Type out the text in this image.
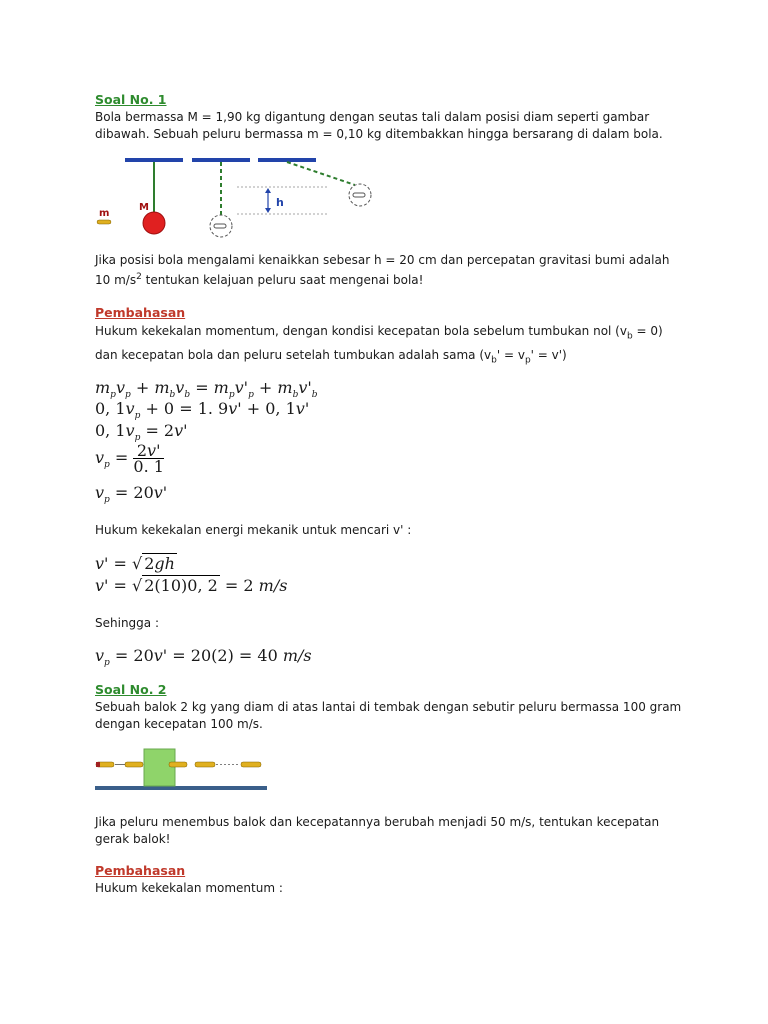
Soal No. 1
Bola bermassa M = 1,90 kg digantung dengan seutas tali dalam posisi diam seperti gambar dibawah. Sebuah peluru bermassa m = 0,10 kg ditembakkan hingga bersarang di dalam bola.
M
m
h
Jika posisi bola mengalami kenaikkan sebesar h = 20 cm dan percepatan gravitasi bumi adalah 10 $m/s^2$ tentukan kelajuan peluru saat mengenai bola!
Pembahasan
Hukum kekekalan momentum, dengan kondisi kecepatan bola sebelum tumbukan nol $(v_b = 0)$ dan kecepatan bola dan peluru setelah tumbukan adalah sama $(v_b' = v_p' = v')$
$m_pv_p + m_bv_b = m_pv'_p + m_bv'_b$
0, $1v_p + 0 = 1$. 9v' + 0, 1v'
0, $1v_p = 2v'$
$v_p = \frac{2v'}{0. 1}$
$v_p = 20v'$
Hukum kekekalan energi mekanik untuk mencari v' :
v' = √ 2gh
v' = √ 2(10)0, 2 = 2 m/s
Sehingga :
$v_p = 20v' = 20(2) = 40$ m/s
Soal No. 2
Sebuah balok 2 kg yang diam di atas lantai di tembak dengan sebutir peluru bermassa 100 gram dengan kecepatan 100 m/s.
Jika peluru menembus balok dan kecepatannya berubah menjadi 50 m/s, tentukan kecepatan gerak balok!
Pembahasan
Hukum kekekalan momentum :
